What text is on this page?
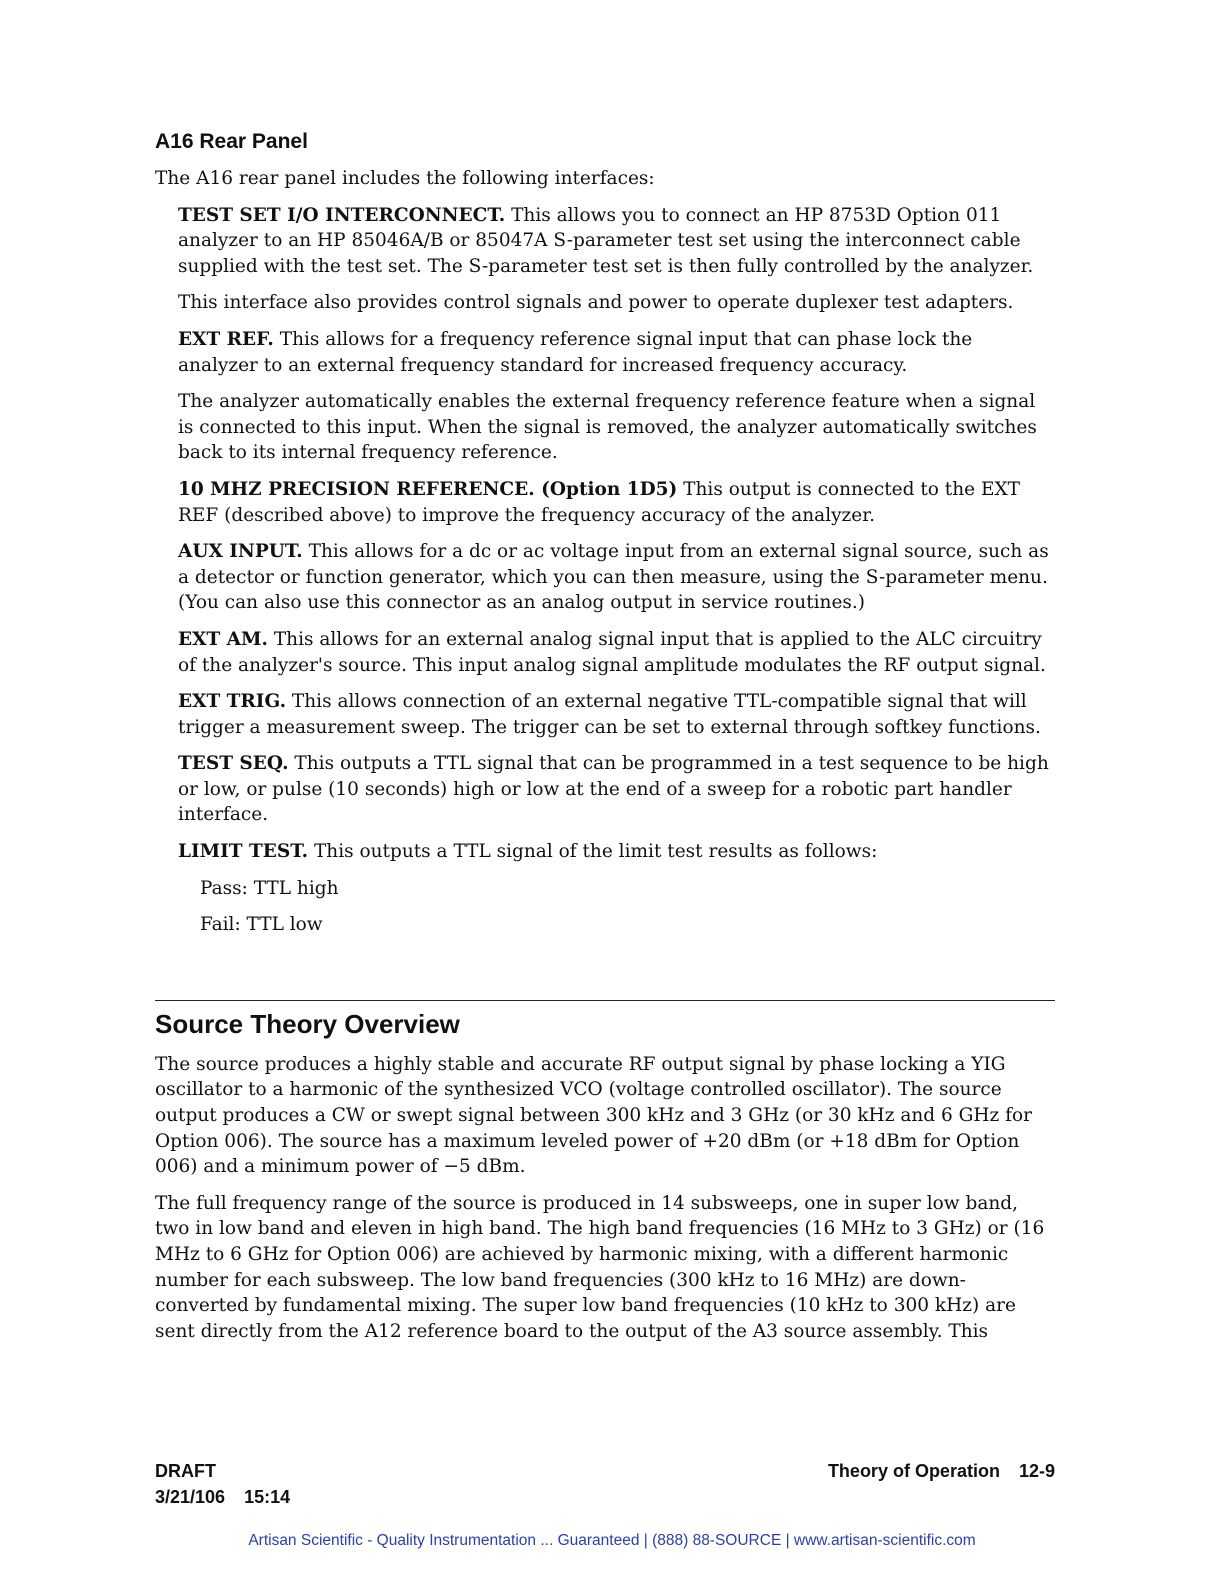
A16 Rear Panel

The A16 rear panel includes the following interfaces:

TEST SET I/O INTERCONNECT. This allows you to connect an HP 8753D Option 011 analyzer to an HP 85046A/B or 85047A S-parameter test set using the interconnect cable supplied with the test set. The S-parameter test set is then fully controlled by the analyzer.

This interface also provides control signals and power to operate duplexer test adapters.

EXT REF. This allows for a frequency reference signal input that can phase lock the analyzer to an external frequency standard for increased frequency accuracy.

The analyzer automatically enables the external frequency reference feature when a signal is connected to this input. When the signal is removed, the analyzer automatically switches back to its internal frequency reference.

10 MHZ PRECISION REFERENCE. (Option 1D5) This output is connected to the EXT REF (described above) to improve the frequency accuracy of the analyzer.

AUX INPUT. This allows for a dc or ac voltage input from an external signal source, such as a detector or function generator, which you can then measure, using the S-parameter menu. (You can also use this connector as an analog output in service routines.)

EXT AM. This allows for an external analog signal input that is applied to the ALC circuitry of the analyzer's source. This input analog signal amplitude modulates the RF output signal.

EXT TRIG. This allows connection of an external negative TTL-compatible signal that will trigger a measurement sweep. The trigger can be set to external through softkey functions.

TEST SEQ. This outputs a TTL signal that can be programmed in a test sequence to be high or low, or pulse (10 seconds) high or low at the end of a sweep for a robotic part handler interface.

LIMIT TEST. This outputs a TTL signal of the limit test results as follows:

Pass: TTL high

Fail: TTL low

Source Theory Overview

The source produces a highly stable and accurate RF output signal by phase locking a YIG oscillator to a harmonic of the synthesized VCO (voltage controlled oscillator). The source output produces a CW or swept signal between 300 kHz and 3 GHz (or 30 kHz and 6 GHz for Option 006). The source has a maximum leveled power of +20 dBm (or +18 dBm for Option 006) and a minimum power of −5 dBm.

The full frequency range of the source is produced in 14 subsweeps, one in super low band, two in low band and eleven in high band. The high band frequencies (16 MHz to 3 GHz) or (16 MHz to 6 GHz for Option 006) are achieved by harmonic mixing, with a different harmonic number for each subsweep. The low band frequencies (300 kHz to 16 MHz) are down-converted by fundamental mixing. The super low band frequencies (10 kHz to 300 kHz) are sent directly from the A12 reference board to the output of the A3 source assembly. This

DRAFT	Theory of Operation 12-9
3/21/106 15:14
Artisan Scientific - Quality Instrumentation ... Guaranteed | (888) 88-SOURCE | www.artisan-scientific.com
